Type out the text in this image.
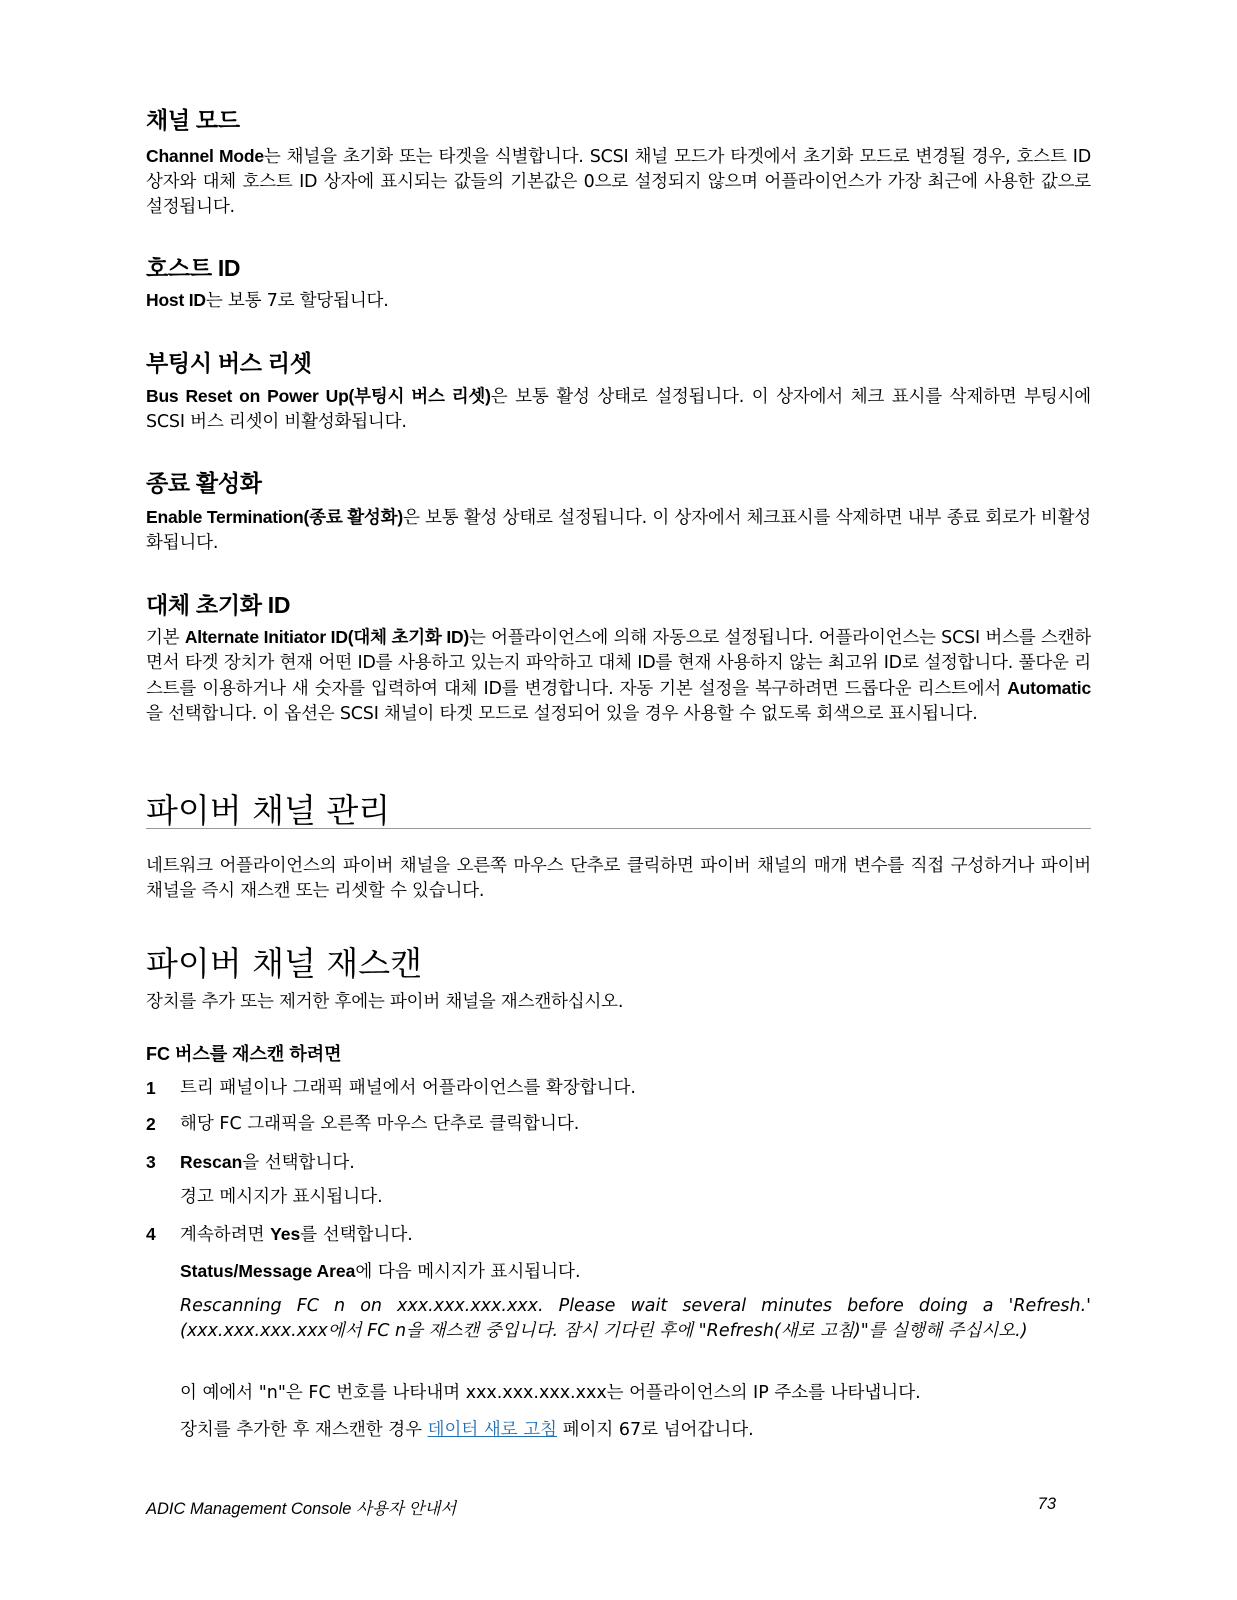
채널 모드

Channel Mode는 채널을 초기화 또는 타겟을 식별합니다. SCSI 채널 모드가 타겟에서 초기화 모드로 변경될 경우, 호스트 ID 상자와 대체 호스트 ID 상자에 표시되는 값들의 기본값은 0으로 설정되지 않으며 어플라이언스가 가장 최근에 사용한 값으로 설정됩니다.

호스트 ID

Host ID는 보통 7로 할당됩니다.

부팅시 버스 리셋

Bus Reset on Power Up(부팅시 버스 리셋)은 보통 활성 상태로 설정됩니다. 이 상자에서 체크 표시를 삭제하면 부팅시에 SCSI 버스 리셋이 비활성화됩니다.

종료 활성화

Enable Termination(종료 활성화)은 보통 활성 상태로 설정됩니다. 이 상자에서 체크표시를 삭제하면 내부 종료 회로가 비활성화됩니다.

대체 초기화 ID

기본 Alternate Initiator ID(대체 초기화 ID)는 어플라이언스에 의해 자동으로 설정됩니다. 어플라이언스는 SCSI 버스를 스캔하면서 타겟 장치가 현재 어떤 ID를 사용하고 있는지 파악하고 대체 ID를 현재 사용하지 않는 최고위 ID로 설정합니다. 풀다운 리스트를 이용하거나 새 숫자를 입력하여 대체 ID를 변경합니다. 자동 기본 설정을 복구하려면 드롭다운 리스트에서 Automatic 을 선택합니다. 이 옵션은 SCSI 채널이 타겟 모드로 설정되어 있을 경우 사용할 수 없도록 회색으로 표시됩니다.

파이버 채널 관리

네트워크 어플라이언스의 파이버 채널을 오른쪽 마우스 단추로 클릭하면 파이버 채널의 매개 변수를 직접 구성하거나 파이버 채널을 즉시 재스캔 또는 리셋할 수 있습니다.

파이버 채널 재스캔

장치를 추가 또는 제거한 후에는 파이버 채널을 재스캔하십시오.

FC 버스를 재스캔 하려면
1 트리 패널이나 그래픽 패널에서 어플라이언스를 확장합니다.
2 해당 FC 그래픽을 오른쪽 마우스 단추로 클릭합니다.
3 Rescan을 선택합니다.
경고 메시지가 표시됩니다.
4 계속하려면 Yes를 선택합니다.
Status/Message Area에 다음 메시지가 표시됩니다.
Rescanning FC n on xxx.xxx.xxx.xxx. Please wait several minutes before doing a 'Refresh.' (xxx.xxx.xxx.xxx에서 FC n을 재스캔 중입니다. 잠시 기다린 후에 "Refresh(새로 고침)"를 실행해 주십시오.)
이 예에서 "n"은 FC 번호를 나타내며 xxx.xxx.xxx.xxx는 어플라이언스의 IP 주소를 나타냅니다.
장치를 추가한 후 재스캔한 경우 데이터 새로 고침 페이지 67로 넘어갑니다.
ADIC Management Console 사용자 안내서	73
